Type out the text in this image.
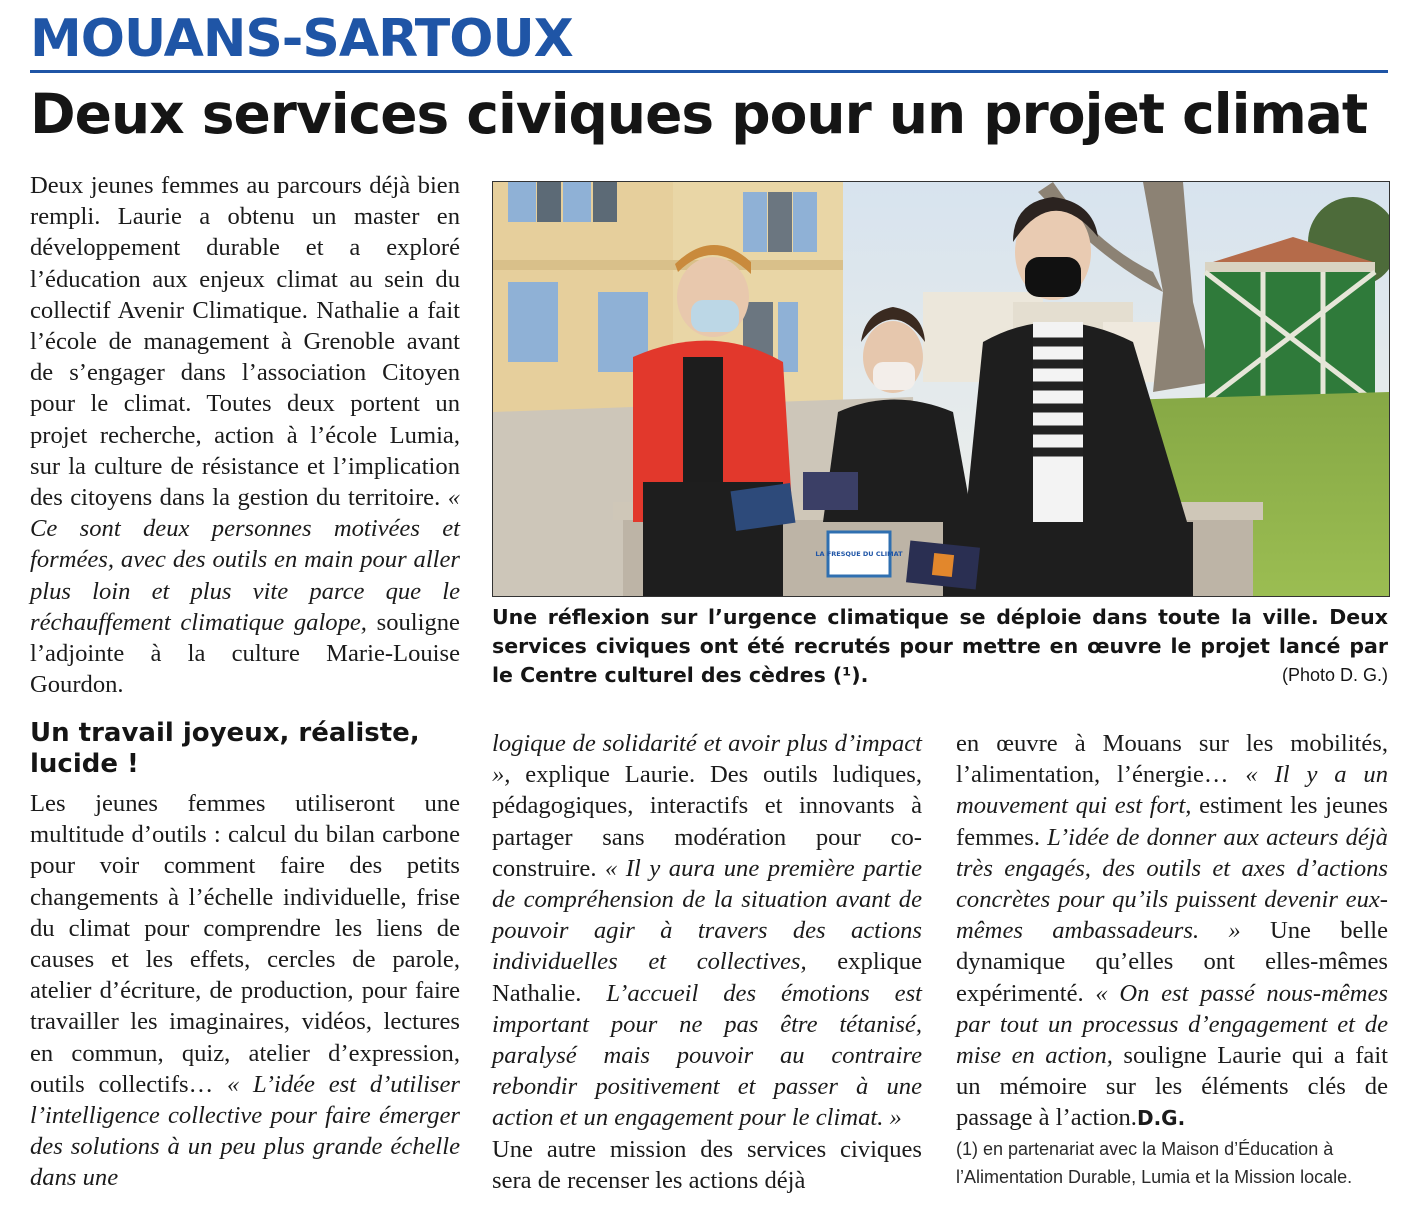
MOUANS-SARTOUX
Deux services civiques pour un projet climat

Deux jeunes femmes au parcours déjà bien rempli. Laurie a obtenu un master en développement durable et a exploré l’éducation aux enjeux climat au sein du collectif Avenir Climatique. Nathalie a fait l’école de management à Grenoble avant de s’engager dans l’association Citoyen pour le climat. Toutes deux portent un projet recherche, action à l’école Lumia, sur la culture de résistance et l’implication des citoyens dans la gestion du territoire. « Ce sont deux personnes motivées et formées, avec des outils en main pour aller plus loin et plus vite parce que le réchauffement climatique galope, souligne l’adjointe à la culture Marie-Louise Gourdon.

LA FRESQUE DU CLIMAT
Une réflexion sur l’urgence climatique se déploie dans toute la ville. Deux services civiques ont été recrutés pour mettre en œuvre le projet lancé par le Centre culturel des cèdres (¹).	(Photo D. G.)
Un travail joyeux, réaliste, lucide !

Les jeunes femmes utiliseront une multitude d’outils : calcul du bilan carbone pour voir comment faire des petits changements à l’échelle individuelle, frise du climat pour comprendre les liens de causes et les effets, cercles de parole, atelier d’écriture, de production, pour faire travailler les imaginaires, vidéos, lectures en commun, quiz, atelier d’expression, outils collectifs… « L’idée est d’utiliser l’intelligence collective pour faire émerger des solutions à un peu plus grande échelle dans une

logique de solidarité et avoir plus d’impact », explique Laurie. Des outils ludiques, pédagogiques, interactifs et innovants à partager sans modération pour co-construire. « Il y aura une première partie de compréhension de la situation avant de pouvoir agir à travers des actions individuelles et collectives, explique Nathalie. L’accueil des émotions est important pour ne pas être tétanisé, paralysé mais pouvoir au contraire rebondir positivement et passer à une action et un engagement pour le climat. »

Une autre mission des services civiques sera de recenser les actions déjà

en œuvre à Mouans sur les mobilités, l’alimentation, l’énergie… « Il y a un mouvement qui est fort, estiment les jeunes femmes. L’idée de donner aux acteurs déjà très engagés, des outils et axes d’actions concrètes pour qu’ils puissent devenir eux-mêmes ambassadeurs. » Une belle dynamique qu’elles ont elles-mêmes expérimenté. « On est passé nous-mêmes par tout un processus d’engagement et de mise en action, souligne Laurie qui a fait un mémoire sur les éléments clés de passage à l’action.D.G.

(1) en partenariat avec la Maison d’Éducation à l’Alimentation Durable, Lumia et la Mission locale.
